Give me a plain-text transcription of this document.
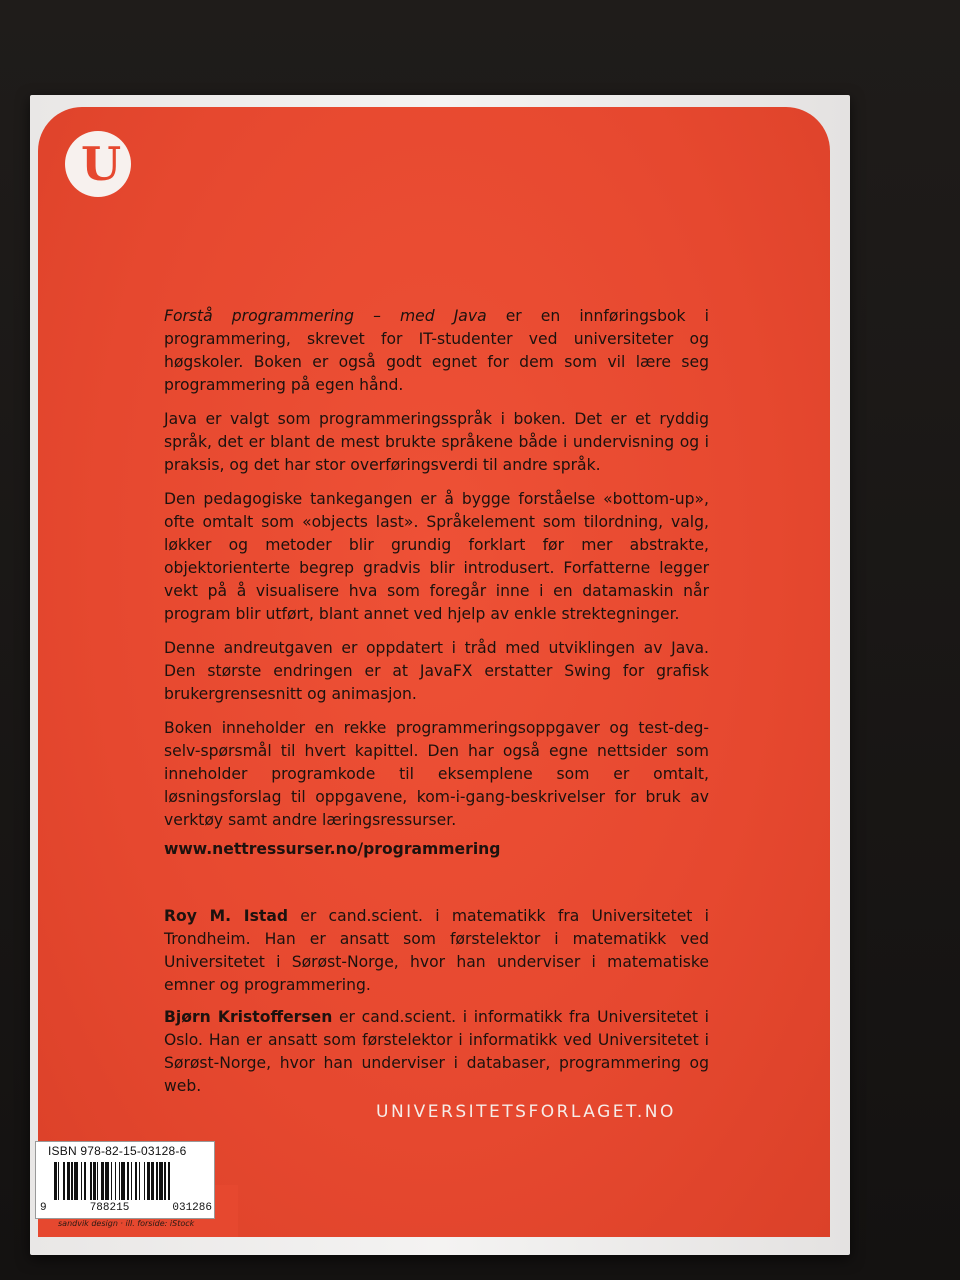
U

Forstå programmering – med Java er en innføringsbok i programmering, skrevet for IT-studenter ved universiteter og høgskoler. Boken er også godt egnet for dem som vil lære seg programmering på egen hånd.

Java er valgt som programmeringsspråk i boken. Det er et ryddig språk, det er blant de mest brukte språkene både i undervisning og i praksis, og det har stor overføringsverdi til andre språk.

Den pedagogiske tankegangen er å bygge forståelse «bottom-up», ofte omtalt som «objects last». Språkelement som tilordning, valg, løkker og metoder blir grundig forklart før mer abstrakte, objektorienterte begrep gradvis blir introdusert. Forfatterne legger vekt på å visualisere hva som foregår inne i en datamaskin når program blir utført, blant annet ved hjelp av enkle strektegninger.

Denne andreutgaven er oppdatert i tråd med utviklingen av Java. Den største endringen er at JavaFX erstatter Swing for grafisk brukergrensesnitt og animasjon.

Boken inneholder en rekke programmeringsoppgaver og test-deg-selv-spørsmål til hvert kapittel. Den har også egne nettsider som inneholder programkode til eksemplene som er omtalt, løsningsforslag til oppgavene, kom-i-gang-beskrivelser for bruk av verktøy samt andre læringsressurser.

www.nettressurser.no/programmering

Roy M. Istad er cand.scient. i matematikk fra Universitetet i Trondheim. Han er ansatt som førstelektor i matematikk ved Universitetet i Sørøst-Norge, hvor han underviser i matematiske emner og programmering.

Bjørn Kristoffersen er cand.scient. i informatikk fra Universitetet i Oslo. Han er ansatt som førstelektor i informatikk ved Universitetet i Sørøst-Norge, hvor han underviser i databaser, programmering og web.

UNIVERSITETSFORLAGET.NO
ISBN 978-82-15-03128-6
9	788215	031286
sandvik design · ill. forside: iStock
